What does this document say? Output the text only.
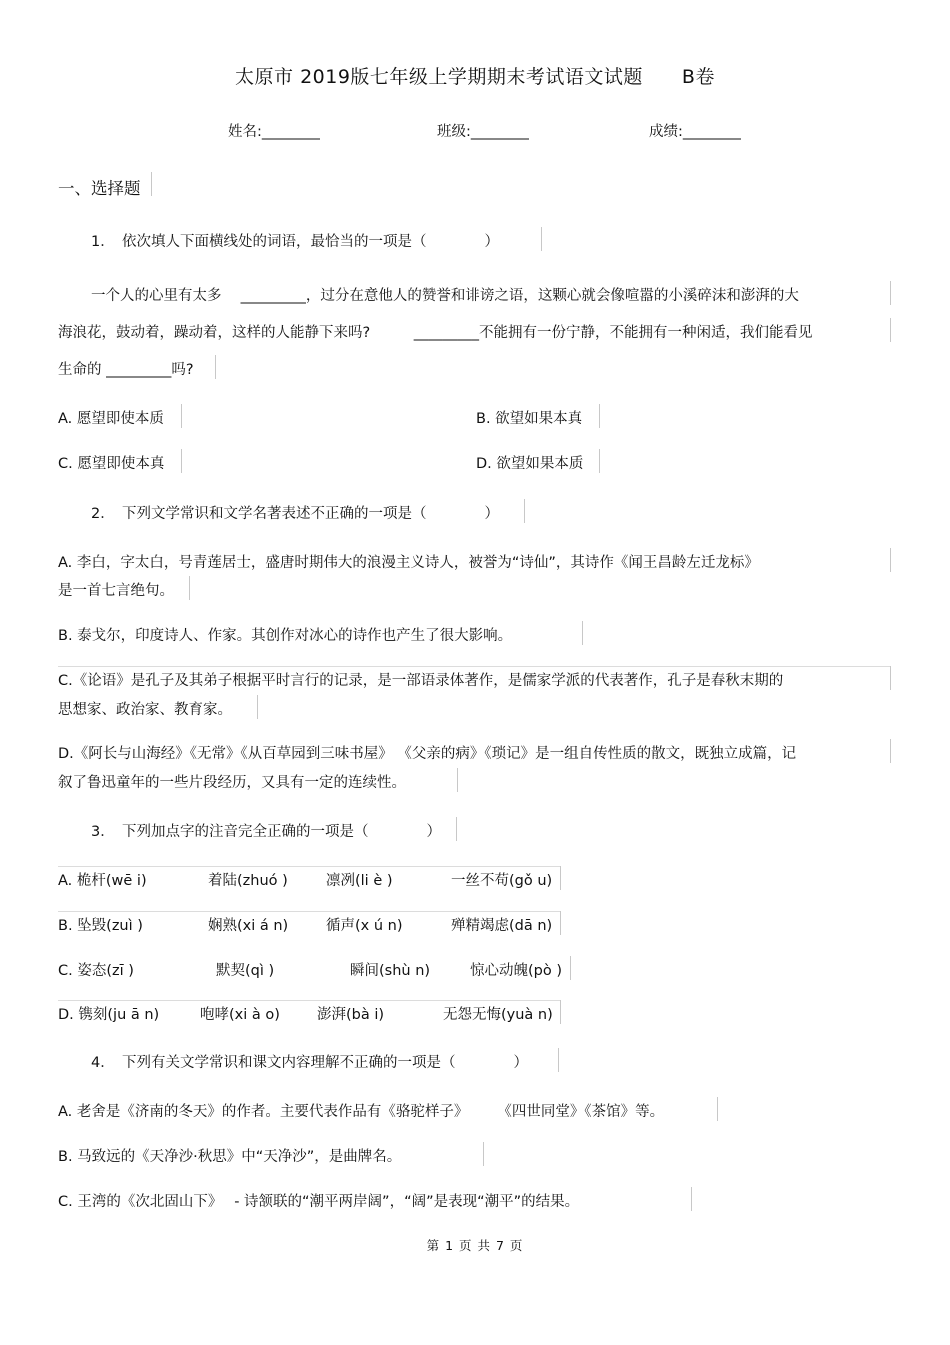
太原市 2019版七年级上学期期末考试语文试题　　B卷
姓名:________	班级:________	成绩:________
一、选择题
1．　依次填人下面横线处的词语，最恰当的一项是（　　　　）
一个人的心里有太多　 _________，过分在意他人的赞誉和诽谤之语，这颗心就会像喧嚣的小溪碎沫和澎湃的大
海浪花，鼓动着，躁动着，这样的人能静下来吗?　　　_________不能拥有一份宁静，不能拥有一种闲适，我们能看见
生命的 _________吗?
A. 愿望即使本质	B. 欲望如果本真
C. 愿望即使本真	D. 欲望如果本质
2．　下列文学常识和文学名著表述不正确的一项是（　　　　）
A. 李白，字太白，号青莲居士，盛唐时期伟大的浪漫主义诗人，被誉为“诗仙”，其诗作《闻王昌龄左迁龙标》
是一首七言绝句。
B. 泰戈尔，印度诗人、作家。其创作对冰心的诗作也产生了很大影响。
C.《论语》是孔子及其弟子根据平时言行的记录，是一部语录体著作，是儒家学派的代表著作，孔子是春秋末期的
思想家、政治家、教育家。
D.《阿长与山海经》《无常》《从百草园到三味书屋》 《父亲的病》《琐记》是一组自传性质的散文，既独立成篇，记
叙了鲁迅童年的一些片段经历，又具有一定的连续性。
3．　下列加点字的注音完全正确的一项是（　　　　）
A. 桅杆(wē i)	着陆(zhuó )	凛冽(li è )	一丝不苟(gǒ u)
B. 坠毁(zuì )	娴熟(xi á n)	循声(x ú n)	殚精竭虑(dā n)
C. 姿态(zī )	默契(qì )	瞬间(shù n)	惊心动魄(pò )
D. 镌刻(ju ā n)	咆哮(xi à o)	澎湃(bà i)	无怨无悔(yuà n)
4．　下列有关文学常识和课文内容理解不正确的一项是（　　　　）
A. 老舍是《济南的冬天》的作者。主要代表作品有《骆驼样子》　　　《四世同堂》《茶馆》等。
B. 马致远的《天净沙·秋思》中“天净沙”，是曲牌名。
C. 王湾的《次北固山下》　 - 诗颔联的“潮平两岸阔”，“阔”是表现“潮平”的结果。
第 1 页 共 7 页
